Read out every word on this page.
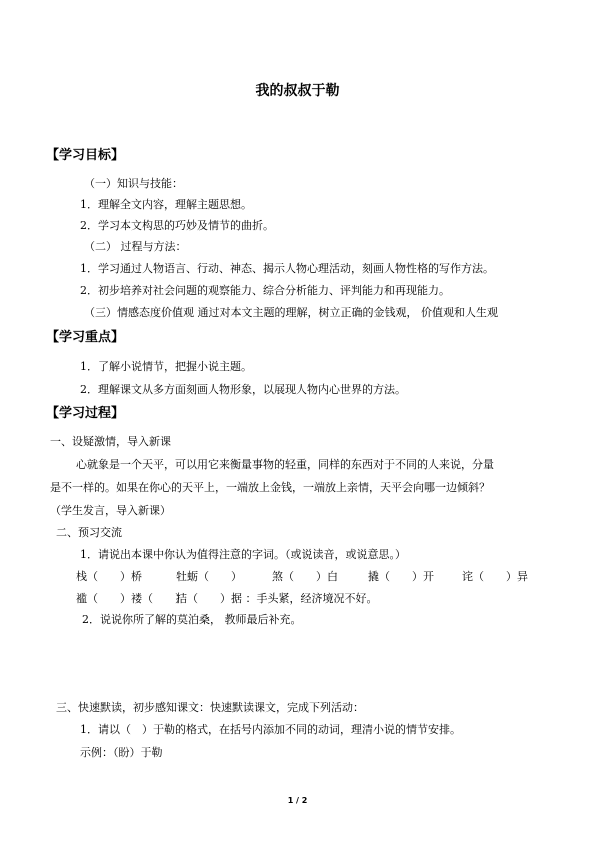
我的叔叔于勒
【学习目标】
（一）知识与技能：
1．理解全文内容，理解主题思想。
2．学习本文构思的巧妙及情节的曲折。
（二） 过程与方法：
1．学习通过人物语言、行动、神态、揭示人物心理活动，刻画人物性格的写作方法。
2．初步培养对社会问题的观察能力、综合分析能力、评判能力和再现能力。
（三）情感态度价值观 通过对本文主题的理解，树立正确的金钱观， 价值观和人生观
【学习重点】
1．了解小说情节，把握小说主题。
2．理解课文从多方面刻画人物形象，以展现人物内心世界的方法。
【学习过程】
一、设疑激情，导入新课
心就象是一个天平，可以用它来衡量事物的轻重，同样的东西对于不同的人来说，分量
是不一样的。如果在你心的天平上，一端放上金钱，一端放上亲情，天平会向哪一边倾斜？
（学生发言，导入新课）
二、预习交流
1．请说出本课中你认为值得注意的字词。（或说读音，或说意思。）
栈（　　）桥	牡蛎（　　）	煞（　　）白	撬（　　）开	诧（　　）异
褴（　　）褛（　　）
拮（　　）据 ：手头紧，经济境况不好。
2．说说你所了解的莫泊桑， 教师最后补充。
三、快速默读，初步感知课文：快速默读课文，完成下列活动：
1．请以（　）于勒的格式，在括号内添加不同的动词，理清小说的情节安排。
示例：（盼）于勒
1 / 2
